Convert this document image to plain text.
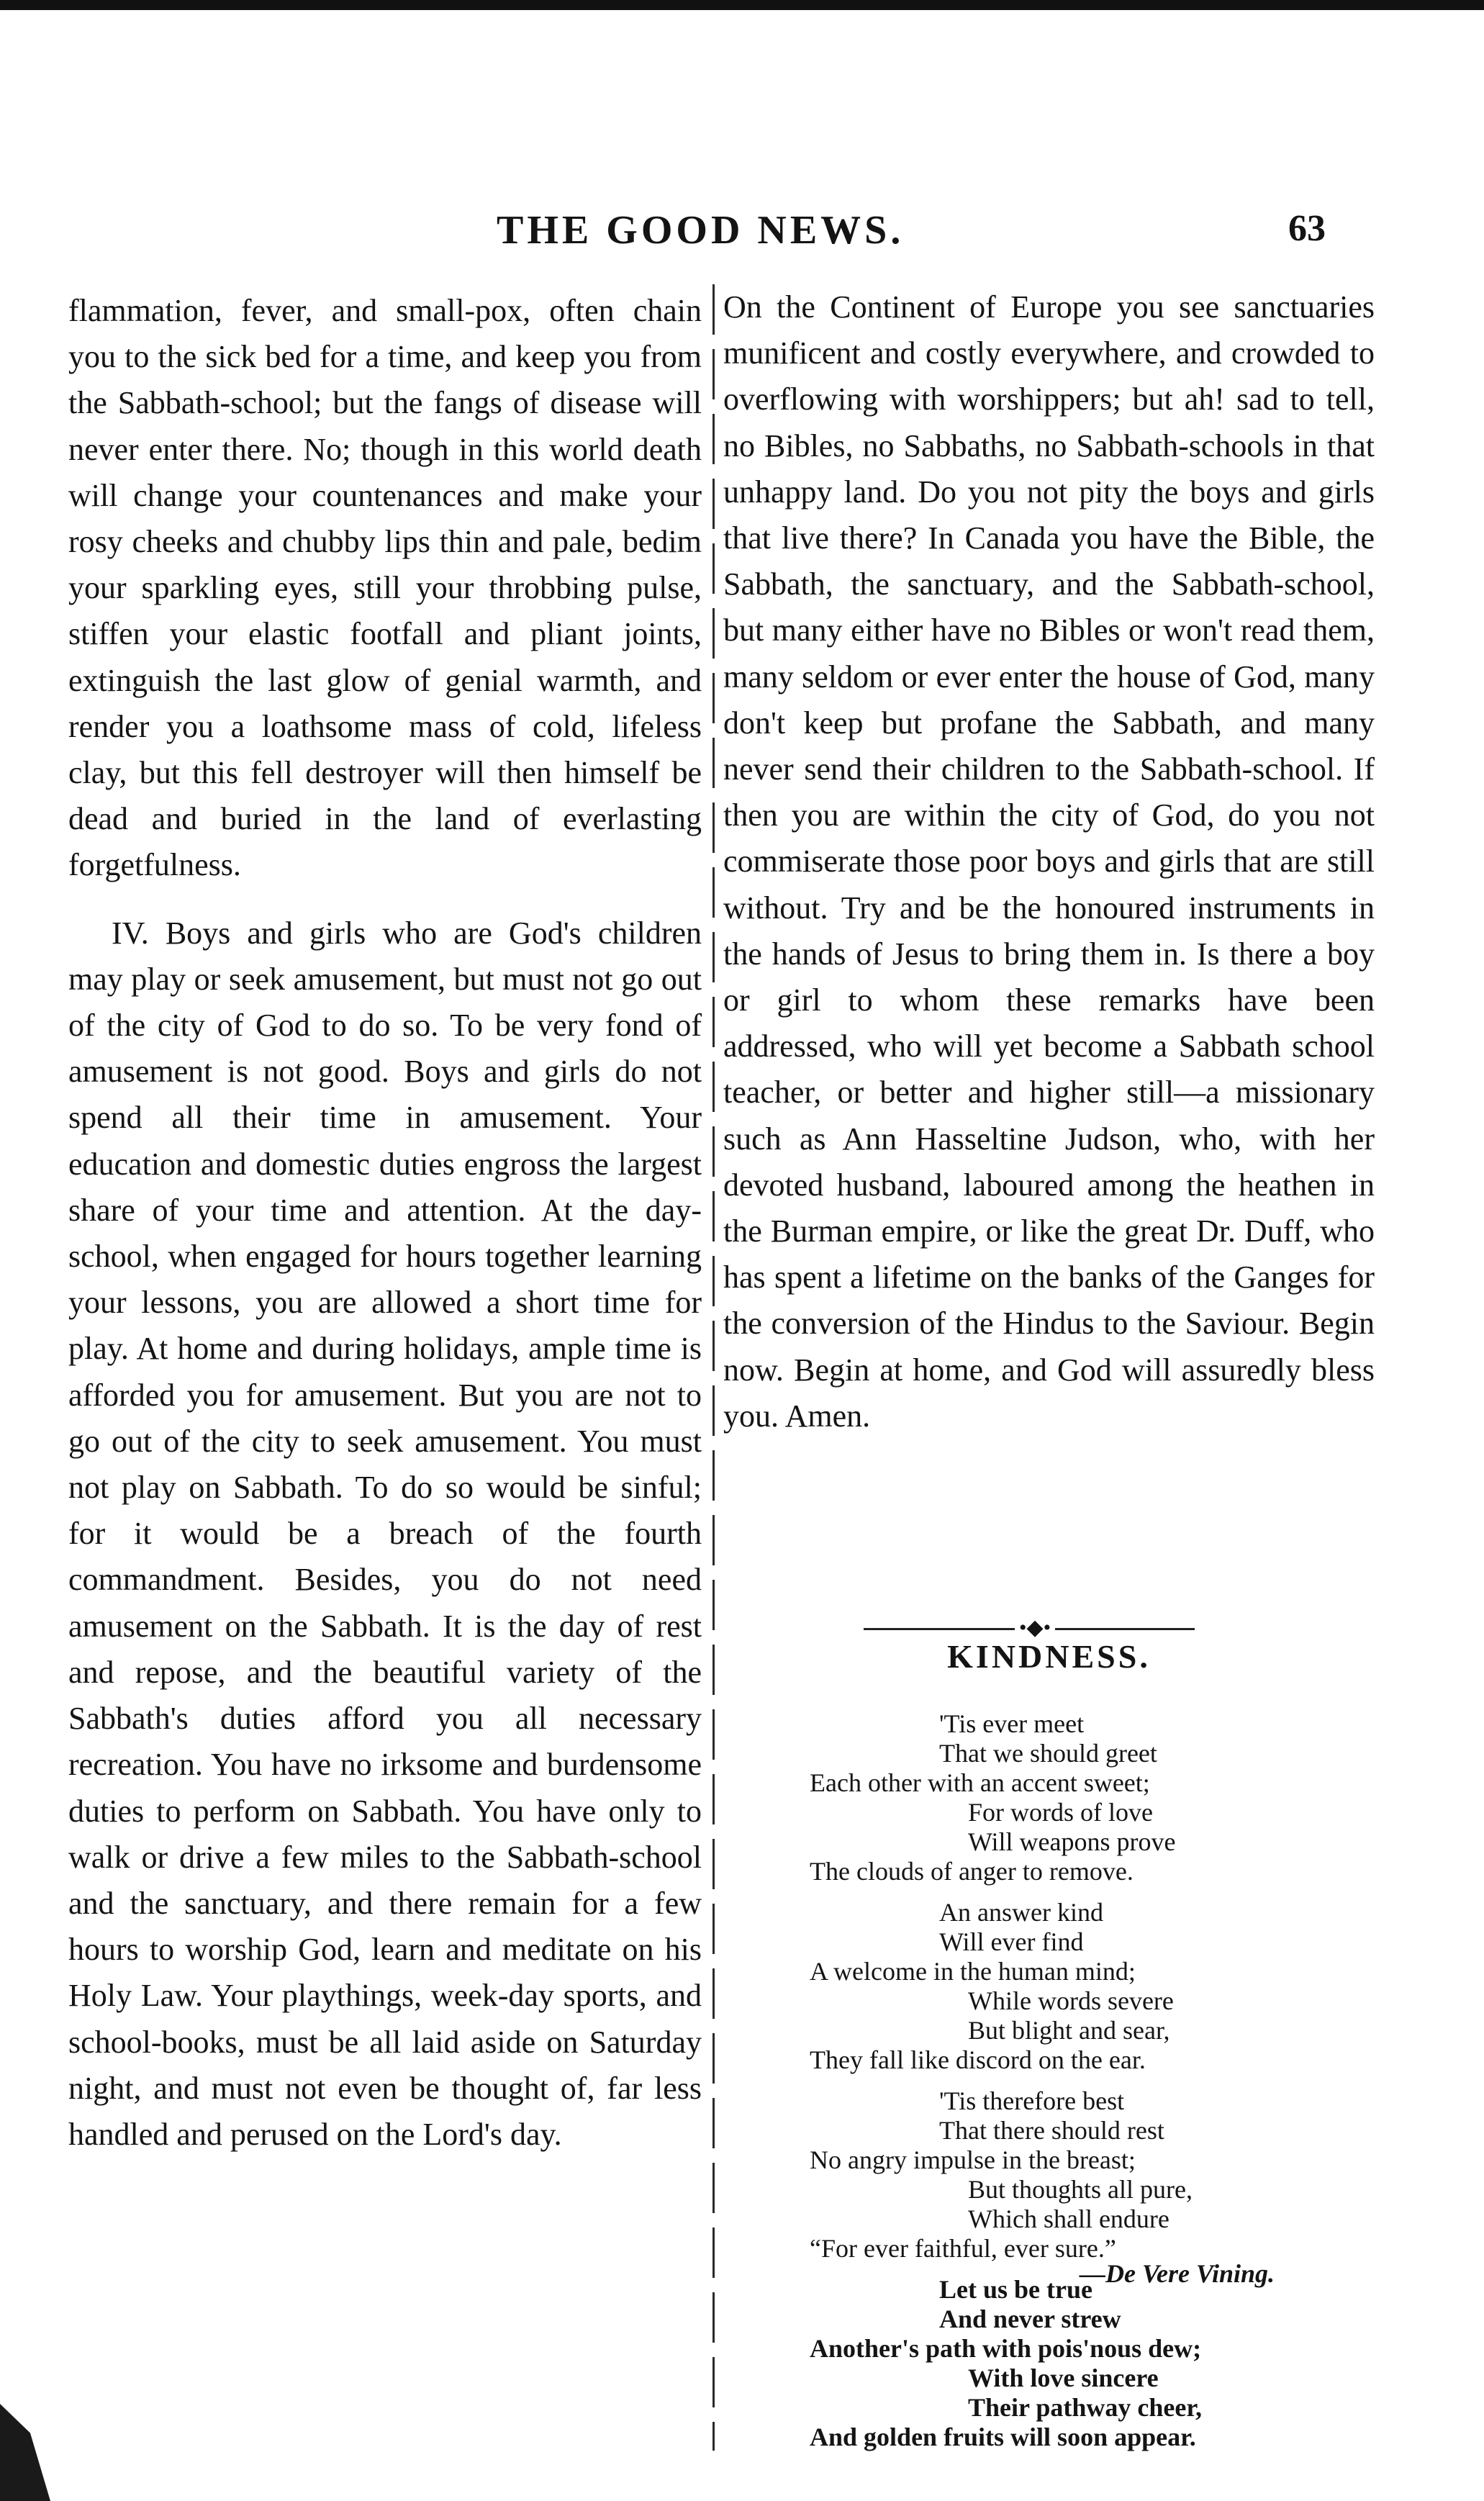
THE GOOD NEWS.	63

flammation, fever, and small-pox, often chain you to the sick bed for a time, and keep you from the Sabbath-school; but the fangs of disease will never enter there. No; though in this world death will change your countenances and make your rosy cheeks and chubby lips thin and pale, bedim your sparkling eyes, still your throbbing pulse, stiffen your elastic footfall and pliant joints, extinguish the last glow of genial warmth, and render you a loathsome mass of cold, lifeless clay, but this fell destroyer will then himself be dead and buried in the land of everlasting forgetfulness.

IV. Boys and girls who are God's children may play or seek amusement, but must not go out of the city of God to do so. To be very fond of amusement is not good. Boys and girls do not spend all their time in amusement. Your education and domestic duties engross the largest share of your time and attention. At the day-school, when engaged for hours together learning your lessons, you are allowed a short time for play. At home and during holidays, ample time is afforded you for amusement. But you are not to go out of the city to seek amusement. You must not play on Sabbath. To do so would be sinful; for it would be a breach of the fourth commandment. Besides, you do not need amusement on the Sabbath. It is the day of rest and repose, and the beautiful variety of the Sabbath's duties afford you all necessary recreation. You have no irksome and burdensome duties to perform on Sabbath. You have only to walk or drive a few miles to the Sabbath-school and the sanctuary, and there remain for a few hours to worship God, learn and meditate on his Holy Law. Your playthings, week-day sports, and school-books, must be all laid aside on Saturday night, and must not even be thought of, far less handled and perused on the Lord's day.

On the Continent of Europe you see sanctuaries munificent and costly everywhere, and crowded to overflowing with worshippers; but ah! sad to tell, no Bibles, no Sabbaths, no Sabbath-schools in that unhappy land. Do you not pity the boys and girls that live there? In Canada you have the Bible, the Sabbath, the sanctuary, and the Sabbath-school, but many either have no Bibles or won't read them, many seldom or ever enter the house of God, many don't keep but profane the Sabbath, and many never send their children to the Sabbath-school. If then you are within the city of God, do you not commiserate those poor boys and girls that are still without. Try and be the honoured instruments in the hands of Jesus to bring them in. Is there a boy or girl to whom these remarks have been addressed, who will yet become a Sabbath school teacher, or better and higher still—a missionary such as Ann Hasseltine Judson, who, with her devoted husband, laboured among the heathen in the Burman empire, or like the great Dr. Duff, who has spent a lifetime on the banks of the Ganges for the conversion of the Hindus to the Saviour. Begin now. Begin at home, and God will assuredly bless you. Amen.

•◆•
KINDNESS.
'Tis ever meet
That we should greet
Each other with an accent sweet;
For words of love
Will weapons prove
The clouds of anger to remove.
An answer kind
Will ever find
A welcome in the human mind;
While words severe
But blight and sear,
They fall like discord on the ear.
'Tis therefore best
That there should rest
No angry impulse in the breast;
But thoughts all pure,
Which shall endure
“For ever faithful, ever sure.”
Let us be true
And never strew
Another's path with pois'nous dew;
With love sincere
Their pathway cheer,
And golden fruits will soon appear.
—De Vere Vining.
